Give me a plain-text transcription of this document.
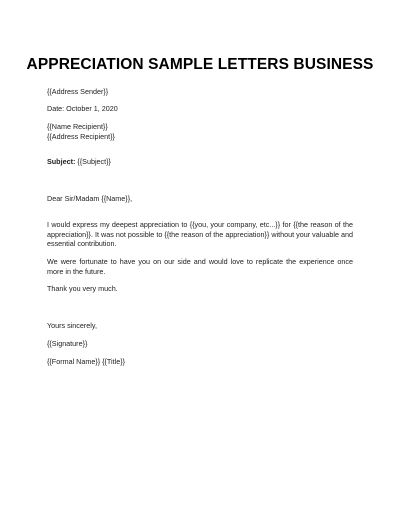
APPRECIATION SAMPLE LETTERS BUSINESS

{{Address Sender}}

Date: October 1, 2020

{{Name Recipient}}

{{Address Recipient}}

Subject: {{Subject}}

Dear Sir/Madam {{Name}},

I would express my deepest appreciation to {{you, your company, etc...}} for {{the reason of the appreciation}}. It was not possible to {{the reason of the appreciation}} without your valuable and essential contribution.

We were fortunate to have you on our side and would love to replicate the experience once more in the future.

Thank you very much.

Yours sincerely,

{{Signature}}

{{Formal Name}} {{Title}}
